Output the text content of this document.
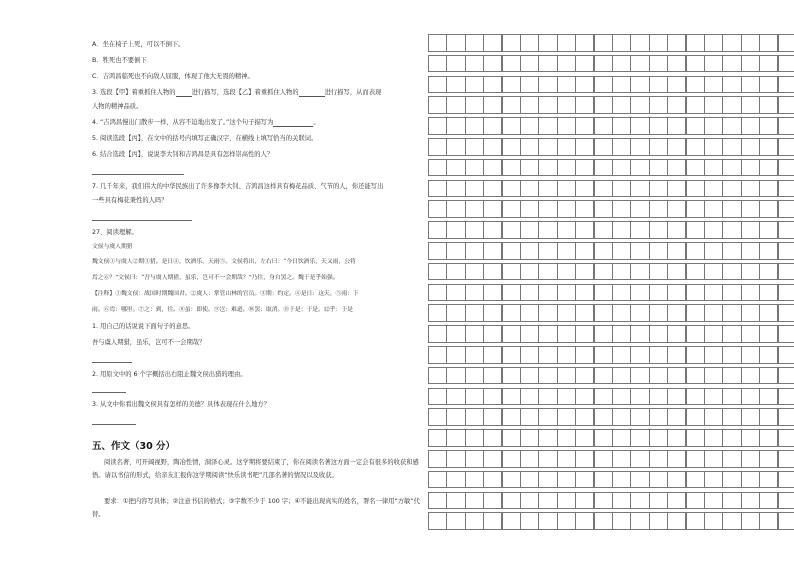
A．坐在椅子上死，可以不倒下。
B．牲死也不要倒下
C．吉鸿昌临死也不向敌人屈服，体现了他大无畏的精神。
3. 选段【甲】着重抓住人物的	进行描写，选段【乙】着重抓住人物的	进行描写，从而表现
人物的精神品质。
4. “吉鸿昌慢出门散步一样，从容不迫地出发了。”这个句子描写为	。
5. 阅读选段【丙】，在文中的括号内填写正确汉字，在横线上填写恰当的关联词。
6. 结合选段【丙】，说说李大钊和吉鸿昌是具有怎样崇高性的人？
7. 几千年来，我们伟大的中华民族出了许多像李大钊、吉鸿昌这样具有梅花品质、气节的人，你还能写出
一些具有梅花秉性的人吗？
27、阅读理解。
文侯与虞人期猎
魏文侯①与虞人②期③猎。是日④，饮酒乐，天雨⑤。文侯将出，左右曰：“今日饮酒乐，天又雨，公将
焉之⑥？”文侯曰：“吾与虞人期猎，虽乐，岂可不一会期哉？”乃往，身自罢之。魏于是乎始强。
【注释】①魏文侯：战国时期魏国君。②虞人：掌管山林的官员。③期：约定。④是日：这天。⑤雨：下
雨。⑥焉：哪里。⑦之：到，往。⑧虽：即使。⑨岂：难道。⑩罢：取消。⑪于是：于是。⑫乎：于是
1. 用自己的话说说下面句子的意思。
吾与虞人期猎，虽乐，岂可不一会期哉？
2. 用原文中的 6 个字概括出右阻止魏文侯出猎的理由。
3. 从文中你看出魏文侯具有怎样的美德？具体表现在什么地方？
五、作文（30 分）
阅读名著，可开阔视野，陶冶性情，洞泽心灵。这学期将要结束了，你在阅读名著这方面一定会有很多的收获和感悟。请以书信的形式，给亲友汇报你这学期阅读“快乐读书吧”几部名著的情况以及收获。
要求：①把内容写具体；②注意书信的格式；③字数不少于 100 字；④不能出现真实的姓名，署名一律用“方敏”代替。
